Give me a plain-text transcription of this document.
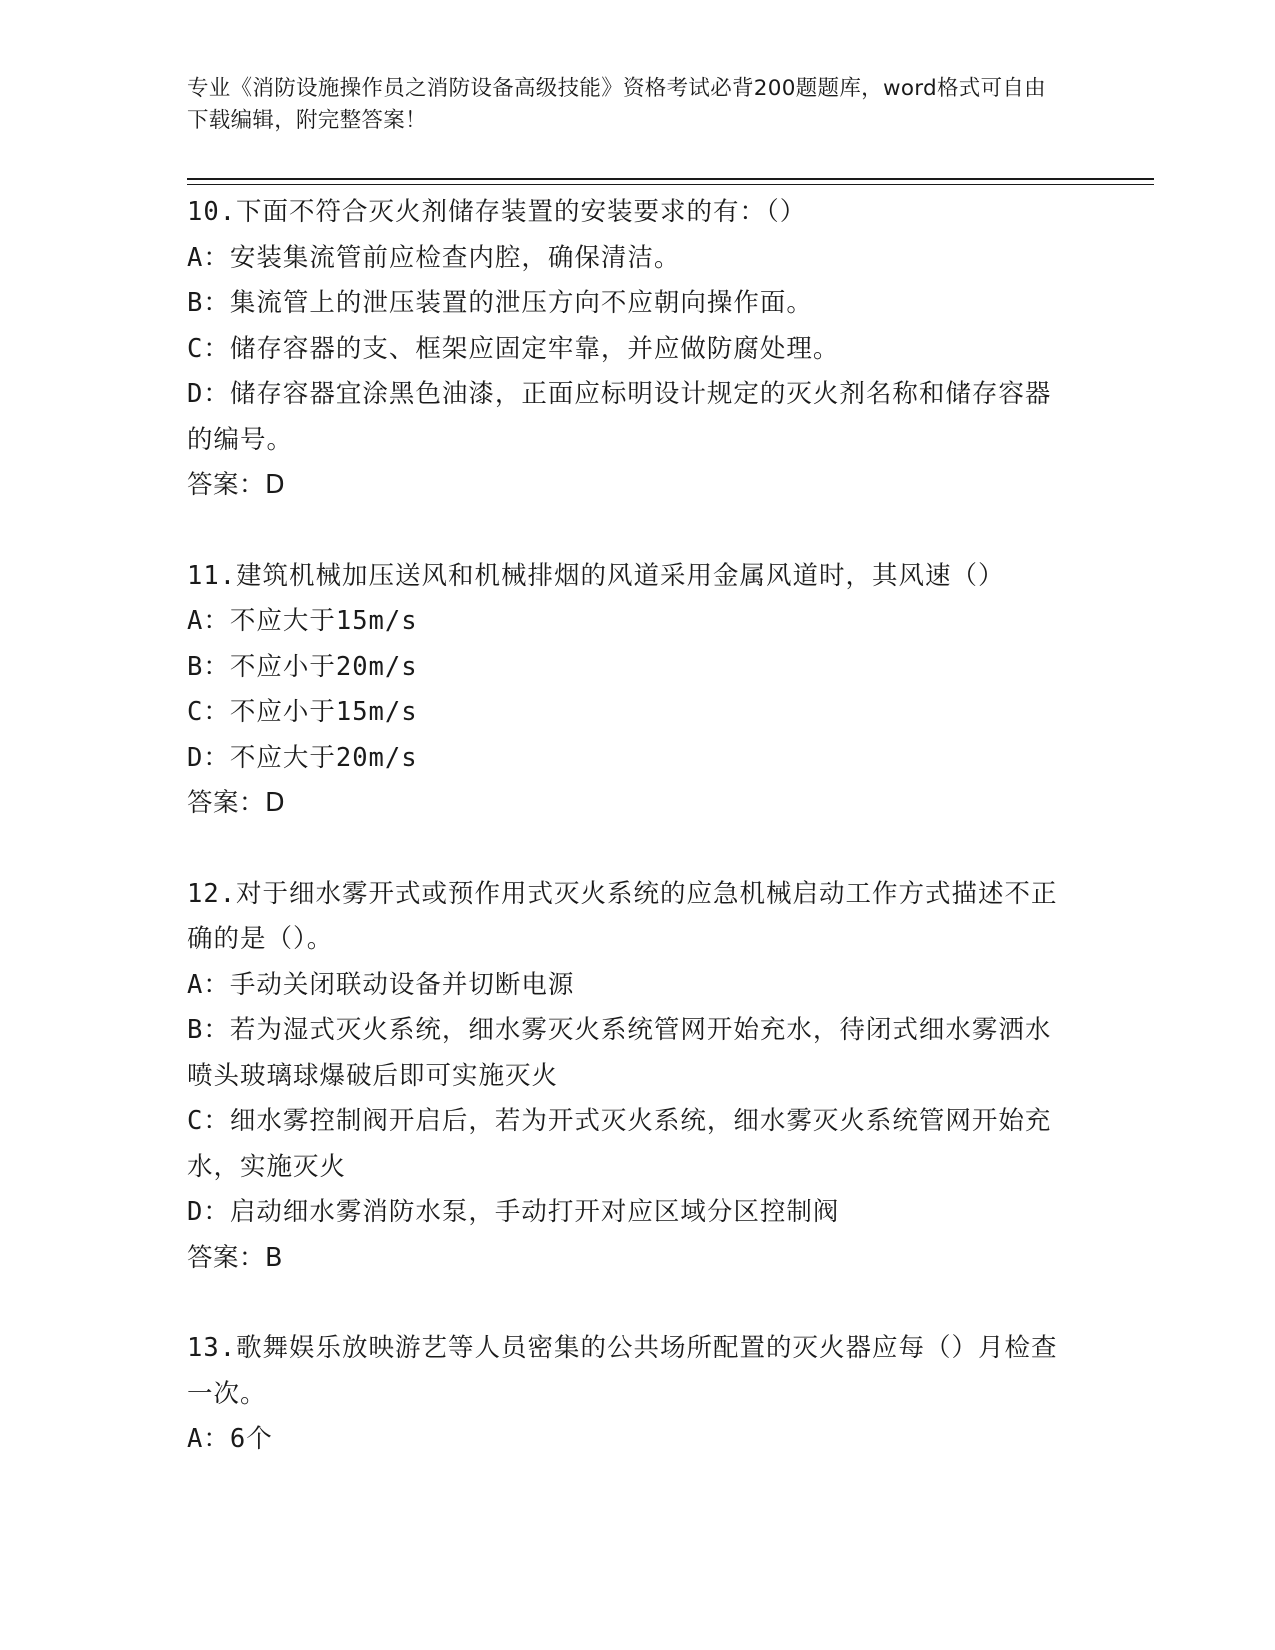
专业《消防设施操作员之消防设备高级技能》资格考试必背200题题库，word格式可自由下载编辑，附完整答案！

10.下面不符合灭火剂储存装置的安装要求的有：（）

A：安装集流管前应检查内腔，确保清洁。

B：集流管上的泄压装置的泄压方向不应朝向操作面。

C：储存容器的支、框架应固定牢靠，并应做防腐处理。

D：储存容器宜涂黑色油漆，正面应标明设计规定的灭火剂名称和储存容器的编号。

答案：D

11.建筑机械加压送风和机械排烟的风道采用金属风道时，其风速（）

A：不应大于15m/s

B：不应小于20m/s

C：不应小于15m/s

D：不应大于20m/s

答案：D

12.对于细水雾开式或预作用式灭火系统的应急机械启动工作方式描述不正确的是（）。

A：手动关闭联动设备并切断电源

B：若为湿式灭火系统，细水雾灭火系统管网开始充水，待闭式细水雾洒水喷头玻璃球爆破后即可实施灭火

C：细水雾控制阀开启后，若为开式灭火系统，细水雾灭火系统管网开始充水，实施灭火

D：启动细水雾消防水泵，手动打开对应区域分区控制阀

答案：B

13.歌舞娱乐放映游艺等人员密集的公共场所配置的灭火器应每（）月检查一次。

A：6个
